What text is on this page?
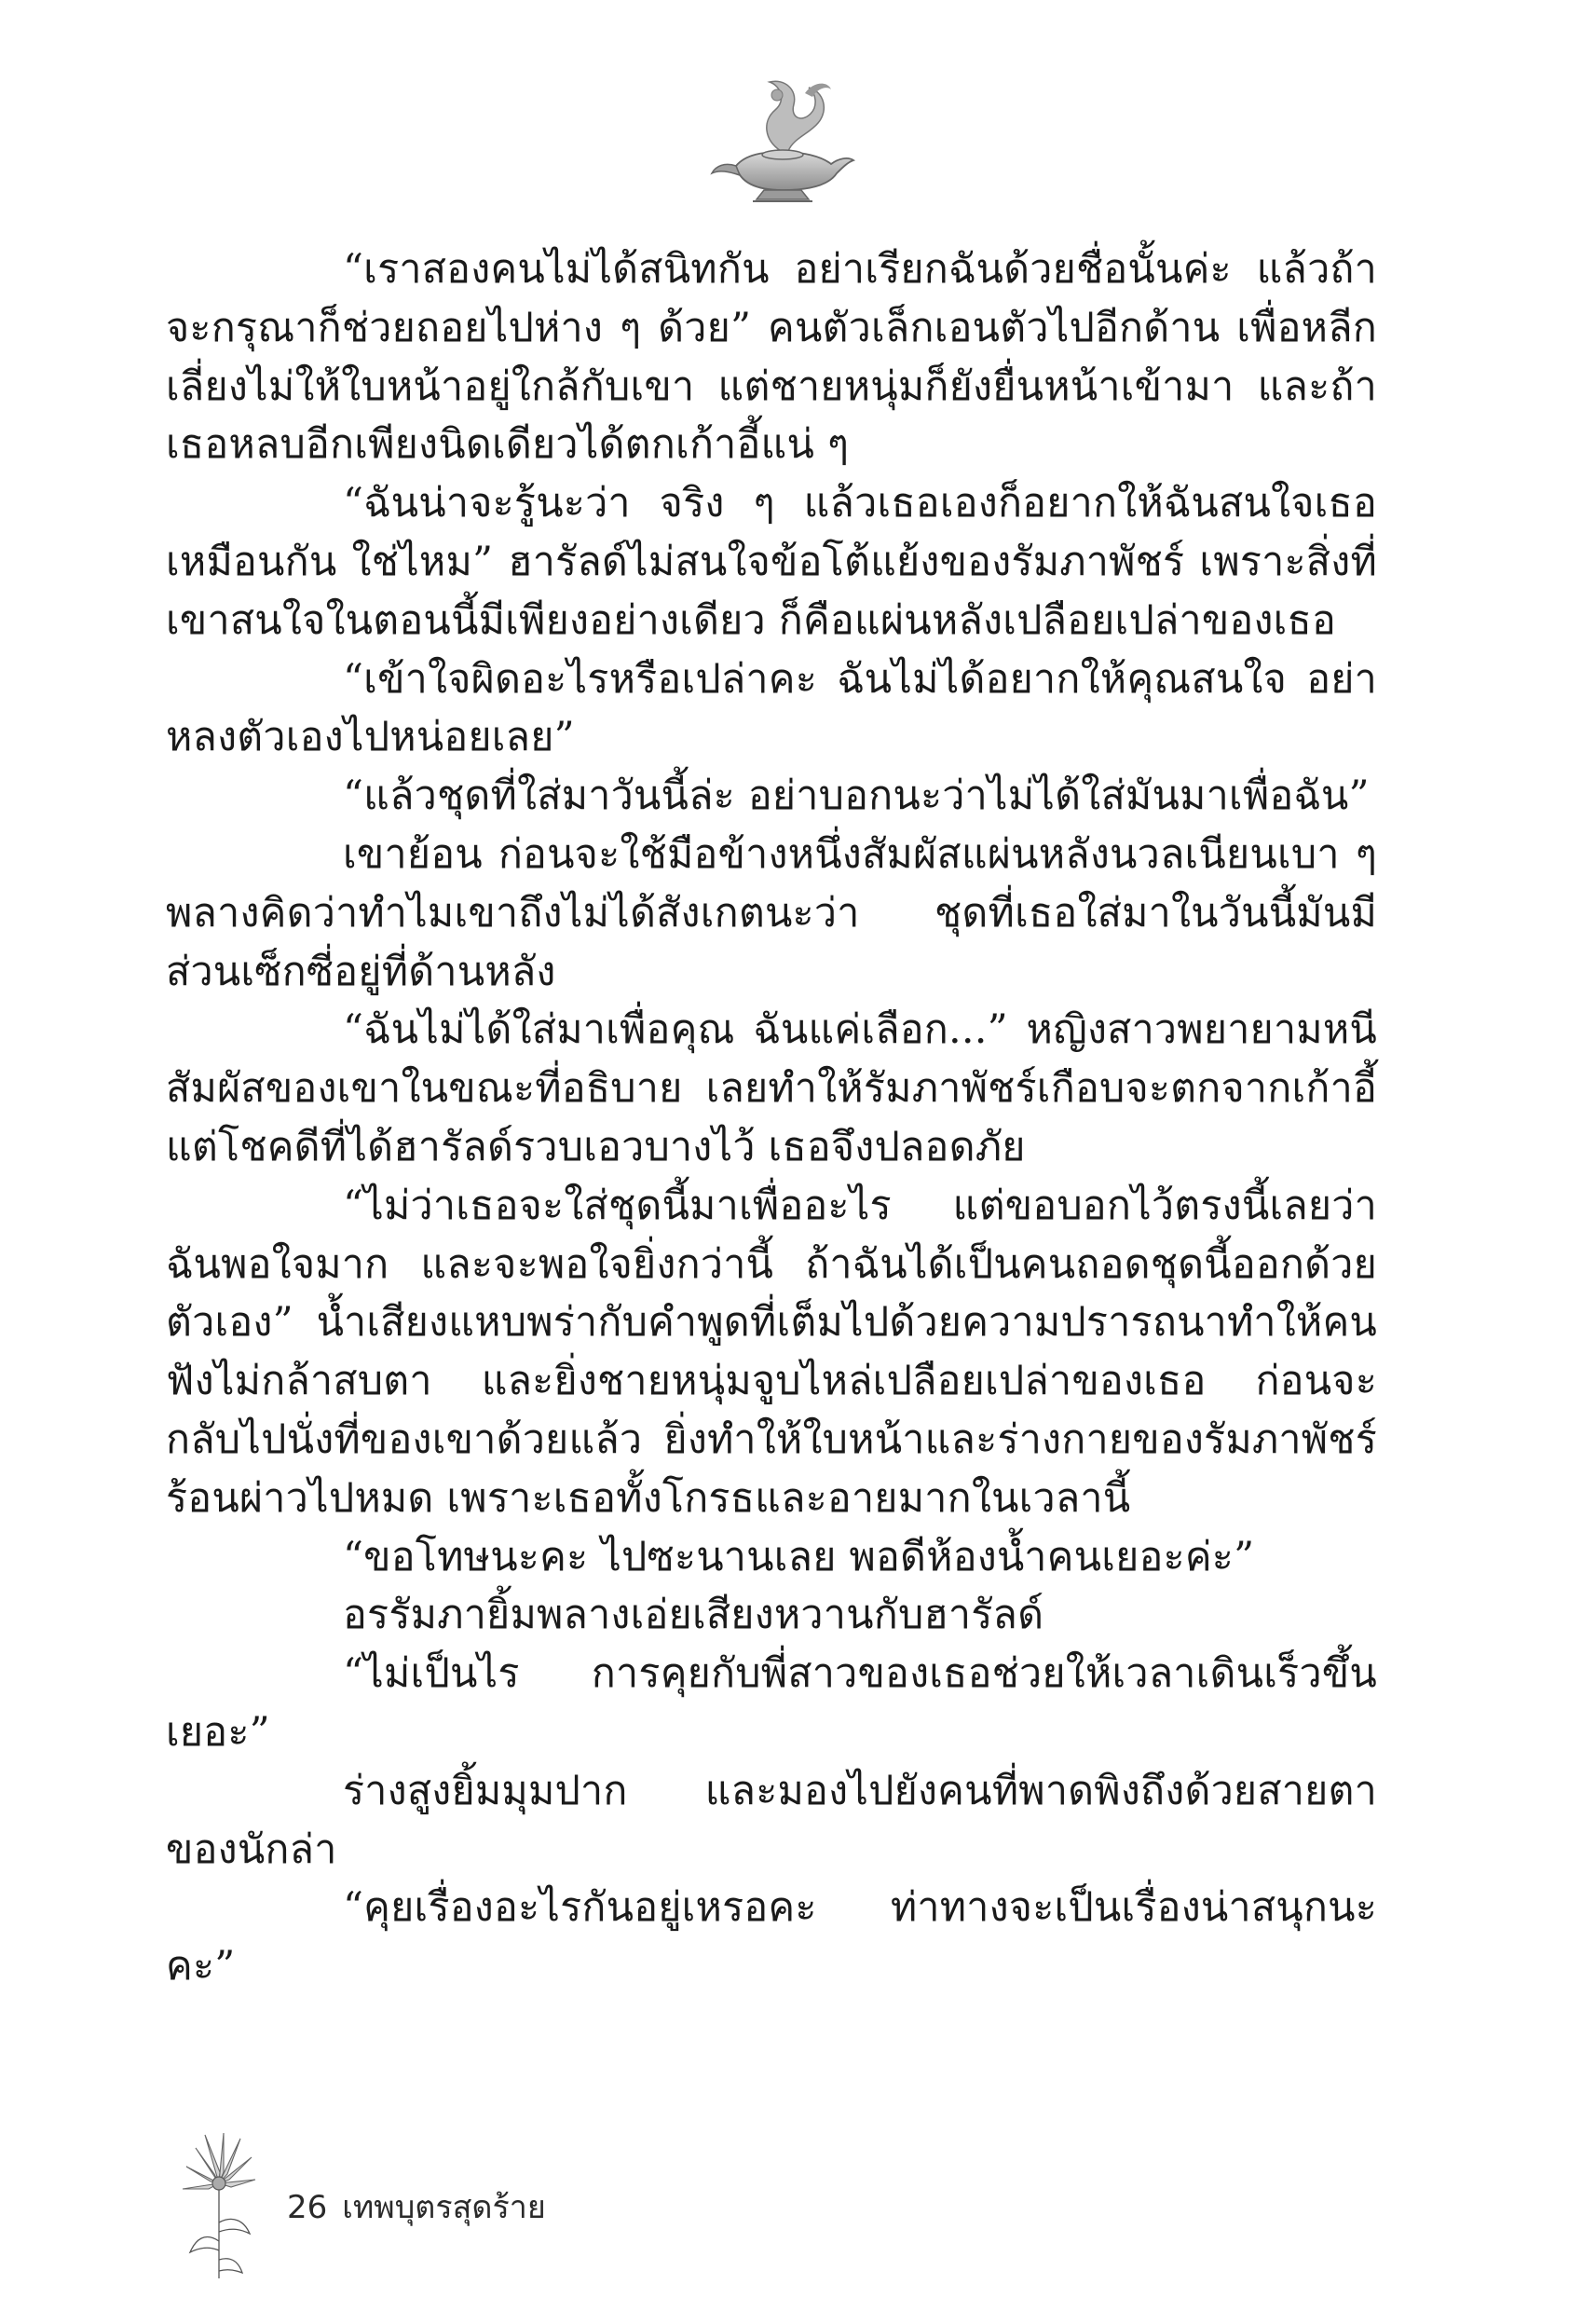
“เราสองคนไม่ได้สนิทกัน อย่าเรียกฉันด้วยชื่อนั้นค่ะ แล้วถ้าจะกรุณาก็ช่วยถอยไปห่าง ๆ ด้วย” คนตัวเล็กเอนตัวไปอีกด้าน เพื่อหลีกเลี่ยงไม่ให้ใบหน้าอยู่ใกล้กับเขา แต่ชายหนุ่มก็ยังยื่นหน้าเข้ามา และถ้าเธอหลบอีกเพียงนิดเดียวได้ตกเก้าอี้แน่ ๆ

“ฉันน่าจะรู้นะว่า จริง ๆ แล้วเธอเองก็อยากให้ฉันสนใจเธอเหมือนกัน ใช่ไหม” ฮารัลด์ไม่สนใจข้อโต้แย้งของรัมภาพัชร์ เพราะสิ่งที่เขาสนใจในตอนนี้มีเพียงอย่างเดียว ก็คือแผ่นหลังเปลือยเปล่าของเธอ

“เข้าใจผิดอะไรหรือเปล่าคะ ฉันไม่ได้อยากให้คุณสนใจ อย่าหลงตัวเองไปหน่อยเลย”

“แล้วชุดที่ใส่มาวันนี้ล่ะ อย่าบอกนะว่าไม่ได้ใส่มันมาเพื่อฉัน”

เขาย้อน ก่อนจะใช้มือข้างหนึ่งสัมผัสแผ่นหลังนวลเนียนเบา ๆ พลางคิดว่าทำไมเขาถึงไม่ได้สังเกตนะว่า ชุดที่เธอใส่มาในวันนี้มันมีส่วนเซ็กซี่อยู่ที่ด้านหลัง

“ฉันไม่ได้ใส่มาเพื่อคุณ ฉันแค่เลือก...” หญิงสาวพยายามหนีสัมผัสของเขาในขณะที่อธิบาย เลยทำให้รัมภาพัชร์เกือบจะตกจากเก้าอี้ แต่โชคดีที่ได้ฮารัลด์รวบเอวบางไว้ เธอจึงปลอดภัย

“ไม่ว่าเธอจะใส่ชุดนี้มาเพื่ออะไร แต่ขอบอกไว้ตรงนี้เลยว่าฉันพอใจมาก และจะพอใจยิ่งกว่านี้ ถ้าฉันได้เป็นคนถอดชุดนี้ออกด้วยตัวเอง” น้ำเสียงแหบพร่ากับคำพูดที่เต็มไปด้วยความปรารถนาทำให้คนฟังไม่กล้าสบตา และยิ่งชายหนุ่มจูบไหล่เปลือยเปล่าของเธอ ก่อนจะกลับไปนั่งที่ของเขาด้วยแล้ว ยิ่งทำให้ใบหน้าและร่างกายของรัมภาพัชร์ร้อนผ่าวไปหมด เพราะเธอทั้งโกรธและอายมากในเวลานี้

“ขอโทษนะคะ ไปซะนานเลย พอดีห้องน้ำคนเยอะค่ะ”

อรรัมภายิ้มพลางเอ่ยเสียงหวานกับฮารัลด์

“ไม่เป็นไร การคุยกับพี่สาวของเธอช่วยให้เวลาเดินเร็วขึ้นเยอะ”

ร่างสูงยิ้มมุมปาก และมองไปยังคนที่พาดพิงถึงด้วยสายตาของนักล่า

“คุยเรื่องอะไรกันอยู่เหรอคะ ท่าทางจะเป็นเรื่องน่าสนุกนะคะ”

26 เทพบุตรสุดร้าย
